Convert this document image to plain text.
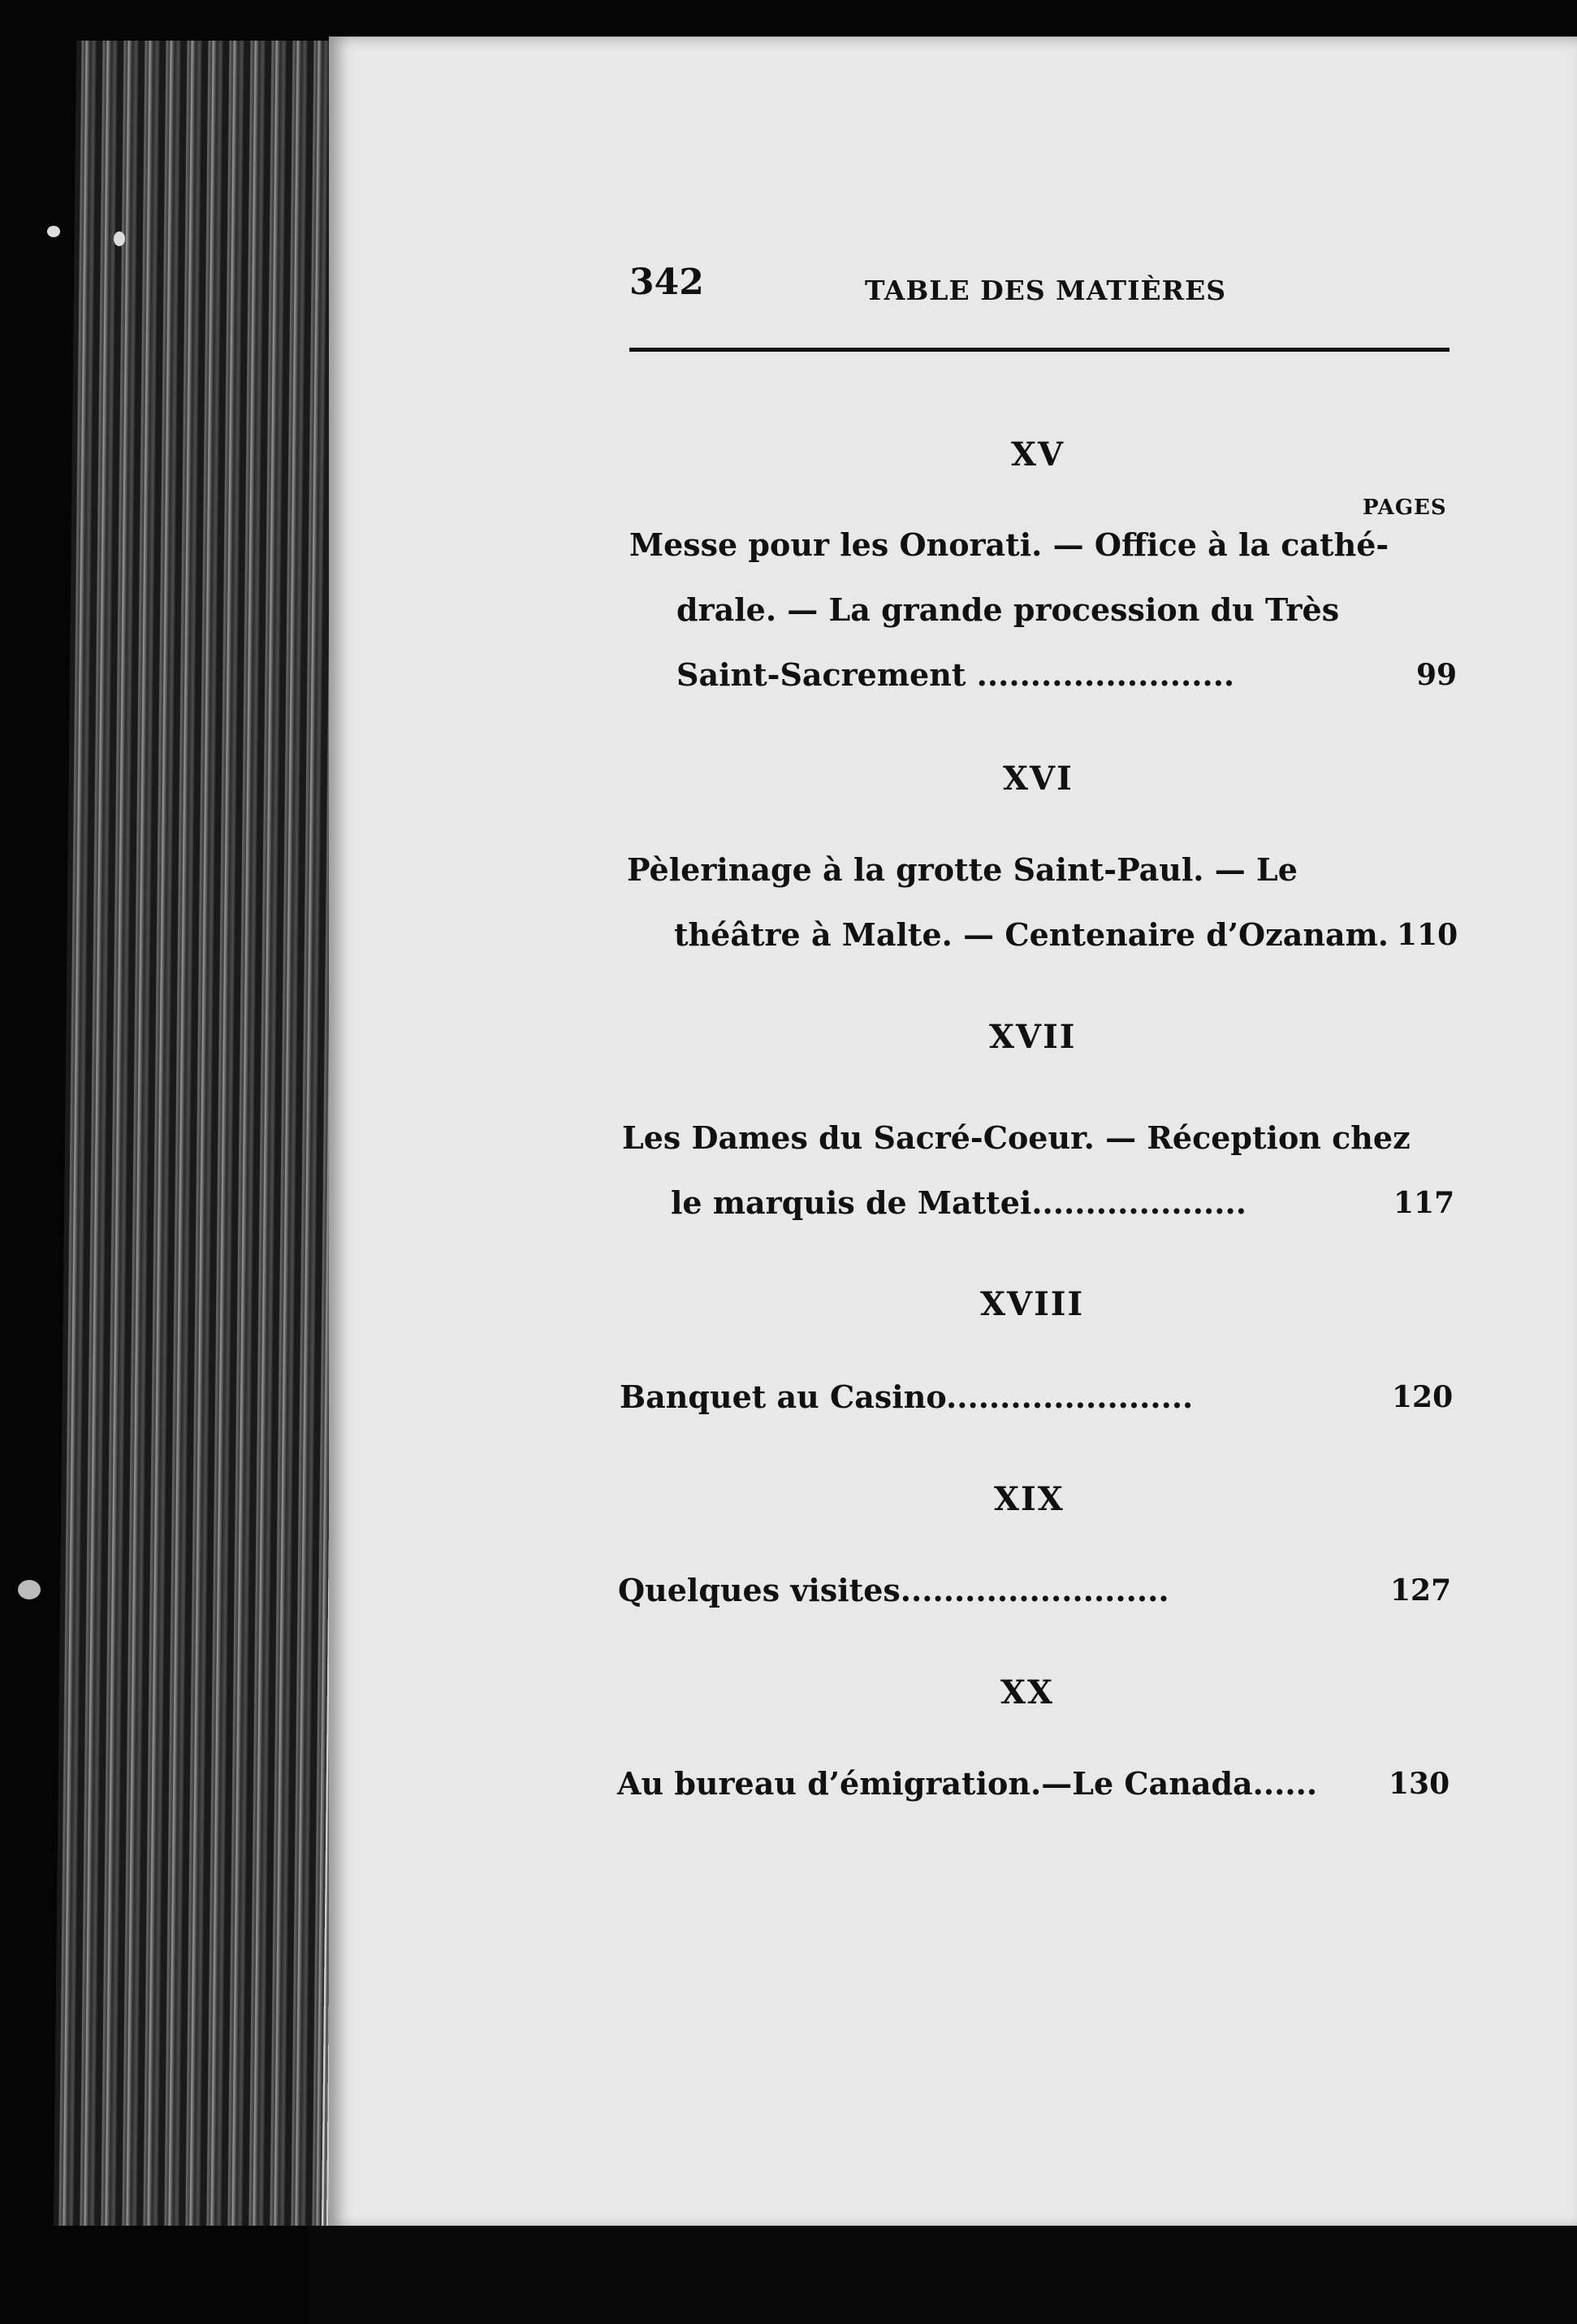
342	TABLE DES MATIÈRES
XV
PAGES
Messe pour les Onorati. — Office à la cathé-
drale. — La grande procession du Très
Saint-Sacrement ........................	99
XVI
Pèlerinage à la grotte Saint-Paul. — Le
théâtre à Malte. — Centenaire d’Ozanam. 110
XVII
Les Dames du Sacré-Coeur. — Réception chez
le marquis de Mattei....................	117
XVIII
Banquet au Casino.......................	120
XIX
Quelques visites.........................	127
XX
Au bureau d’émigration.—Le Canada...... 130
